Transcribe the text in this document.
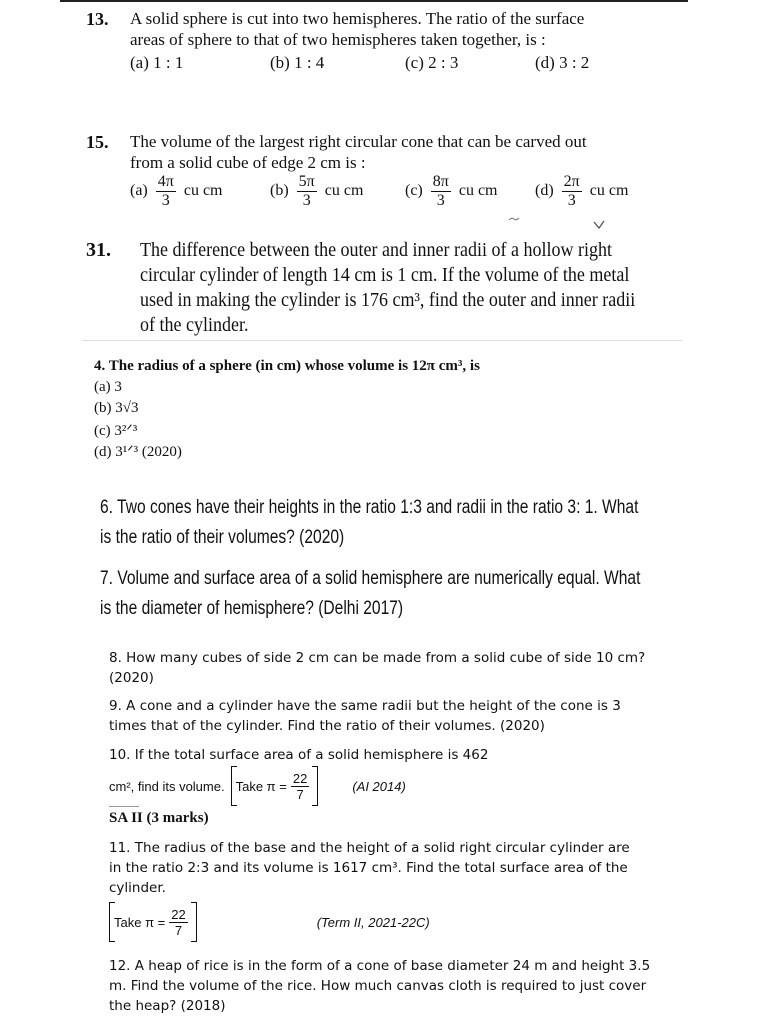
13. A solid sphere is cut into two hemispheres. The ratio of the surface
areas of sphere to that of two hemispheres taken together, is :
(a) 1 : 1	(b) 1 : 4	(c) 2 : 3	(d) 3 : 2
15. The volume of the largest right circular cone that can be carved out
from a solid cube of edge 2 cm is :
$(a) \frac{4\pi}{3}$ cu cm	$(b) \frac{5\pi}{3}$ cu cm	$(c) \frac{8\pi}{3}$ cu cm $(d) \frac{2\pi}{3}$ cu cm
31. The difference between the outer and inner radii of a hollow right
circular cylinder of length 14 cm is 1 cm. If the volume of the metal
used in making the cylinder is 176 cm³, find the outer and inner radii
of the cylinder.
4. The radius of a sphere (in cm) whose volume is 12π cm³, is
(a) 3
(b) 3√3
(c) 3²ᐟ³
(d) 3¹ᐟ³ (2020)
6. Two cones have their heights in the ratio 1:3 and radii in the ratio 3: 1. What
is the ratio of their volumes? (2020)
7. Volume and surface area of a solid hemisphere are numerically equal. What
is the diameter of hemisphere? (Delhi 2017)
8. How many cubes of side 2 cm can be made from a solid cube of side 10 cm?
(2020)
9. A cone and a cylinder have the same radii but the height of the cone is 3
times that of the cylinder. Find the ratio of their volumes. (2020)
10. If the total surface area of a solid hemisphere is 462
cm², find its volume. Take $\pi = \frac{22}{7}$	(AI 2014)
SA II (3 marks)
11. The radius of the base and the height of a solid right circular cylinder are
in the ratio 2:3 and its volume is 1617 cm³. Find the total surface area of the
cylinder.
Take $\pi = \frac{22}{7}$	(Term II, 2021-22C)
12. A heap of rice is in the form of a cone of base diameter 24 m and height 3.5
m. Find the volume of the rice. How much canvas cloth is required to just cover
the heap? (2018)
